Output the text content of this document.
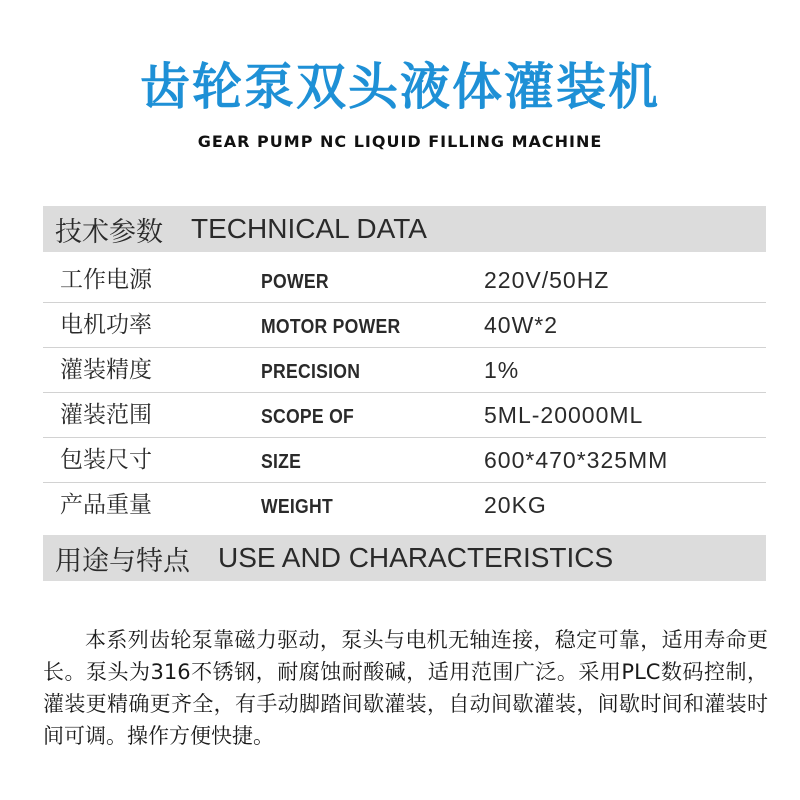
齿轮泵双头液体灌装机
GEAR PUMP NC LIQUID FILLING MACHINE
技术参数 TECHNICAL DATA
工作电源	POWER	220V/50HZ
电机功率	MOTOR POWER	40W*2
灌装精度	PRECISION	1%
灌装范围	SCOPE OF	5ML-20000ML
包装尺寸	SIZE	600*470*325MM
产品重量	WEIGHT	20KG
用途与特点 USE AND CHARACTERISTICS

本系列齿轮泵靠磁力驱动，泵头与电机无轴连接，稳定可靠，适用寿命更长。泵头为316不锈钢，耐腐蚀耐酸碱，适用范围广泛。采用PLC数码控制，灌装更精确更齐全，有手动脚踏间歇灌装，自动间歇灌装，间歇时间和灌装时间可调。操作方便快捷。
